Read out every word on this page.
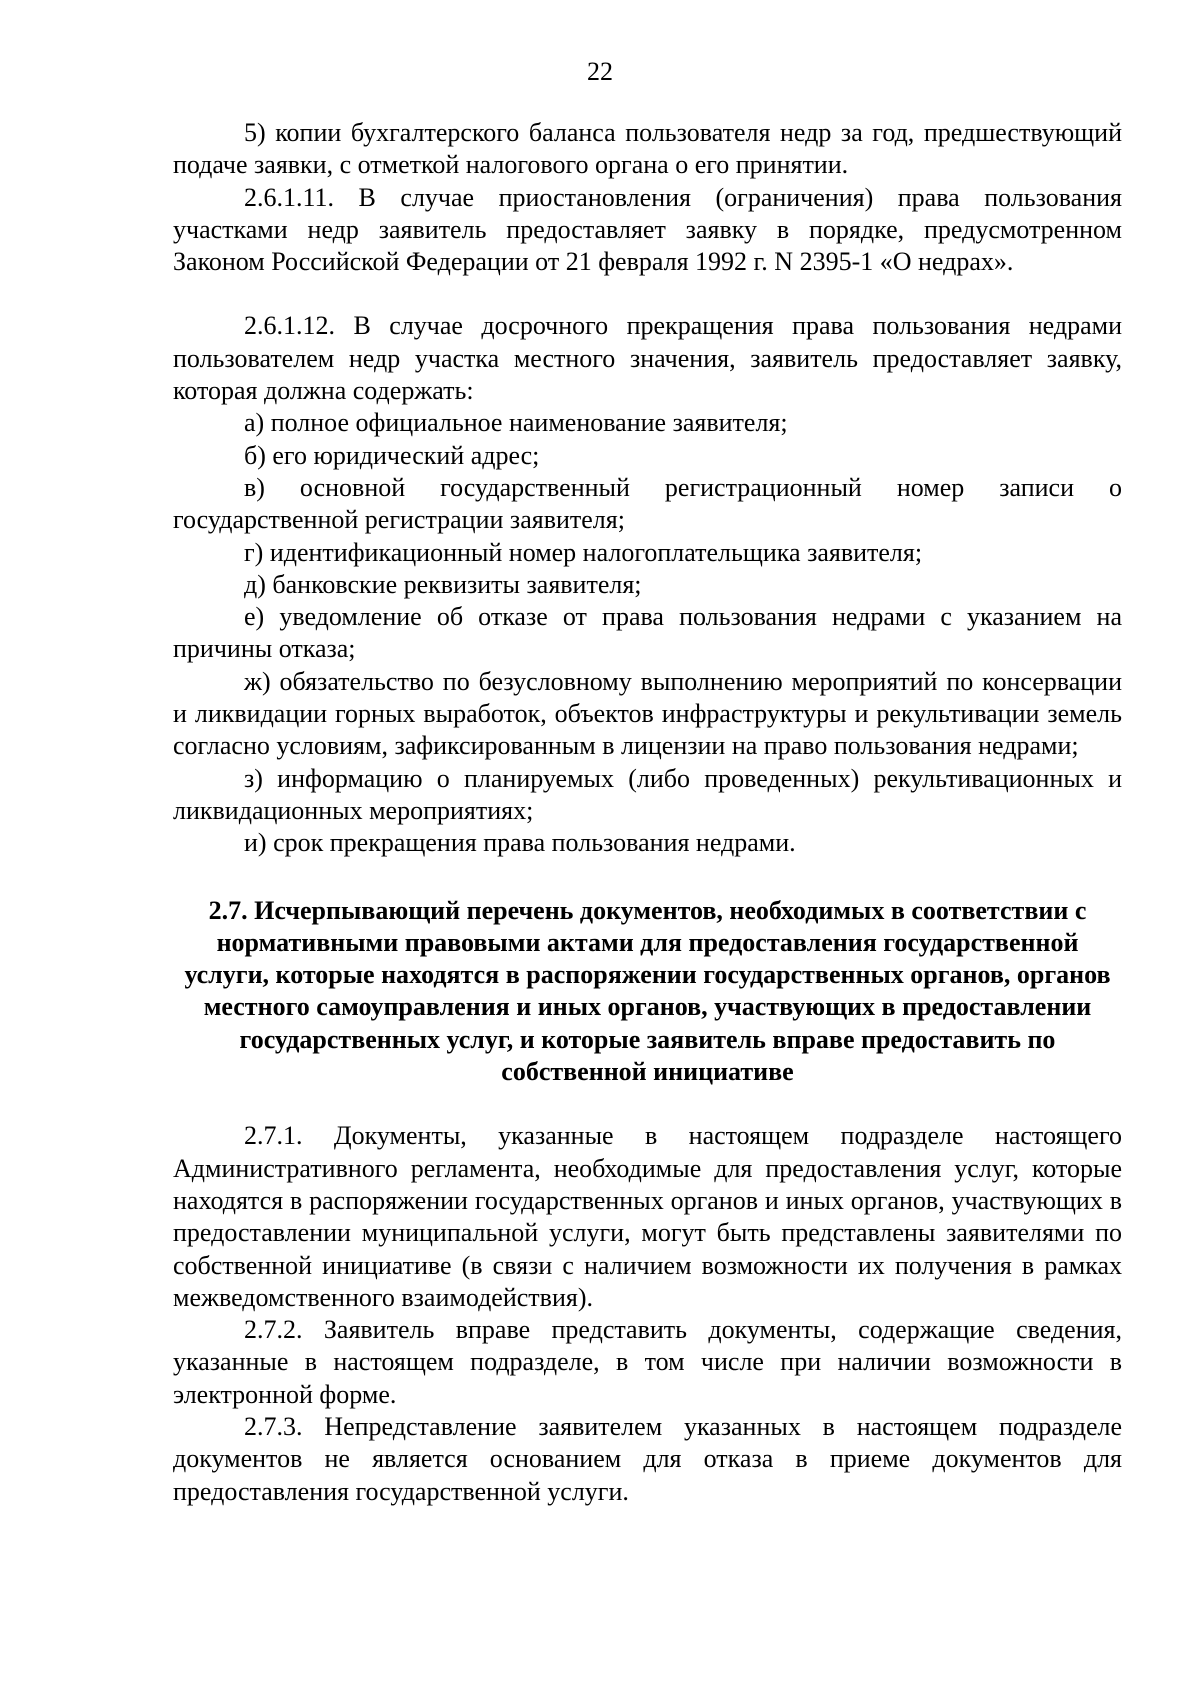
22

5) копии бухгалтерского баланса пользователя недр за год, предшествующий подаче заявки, с отметкой налогового органа о его принятии.

2.6.1.11. В случае приостановления (ограничения) права пользования участками недр заявитель предоставляет заявку в порядке, предусмотренном Законом Российской Федерации от 21 февраля 1992 г. N 2395-1 «О недрах».

2.6.1.12. В случае досрочного прекращения права пользования недрами пользователем недр участка местного значения, заявитель предоставляет заявку, которая должна содержать:

а) полное официальное наименование заявителя;

б) его юридический адрес;

в) основной государственный регистрационный номер записи о государственной регистрации заявителя;

г) идентификационный номер налогоплательщика заявителя;

д) банковские реквизиты заявителя;

е) уведомление об отказе от права пользования недрами с указанием на причины отказа;

ж) обязательство по безусловному выполнению мероприятий по консервации и ликвидации горных выработок, объектов инфраструктуры и рекультивации земель согласно условиям, зафиксированным в лицензии на право пользования недрами;

з) информацию о планируемых (либо проведенных) рекультивационных и ликвидационных мероприятиях;

и) срок прекращения права пользования недрами.

2.7. Исчерпывающий перечень документов, необходимых в соответствии с нормативными правовыми актами для предоставления государственной услуги, которые находятся в распоряжении государственных органов, органов местного самоуправления и иных органов, участвующих в предоставлении государственных услуг, и которые заявитель вправе предоставить по собственной инициативе

2.7.1. Документы, указанные в настоящем подразделе настоящего Административного регламента, необходимые для предоставления услуг, которые находятся в распоряжении государственных органов и иных органов, участвующих в предоставлении муниципальной услуги, могут быть представлены заявителями по собственной инициативе (в связи с наличием возможности их получения в рамках межведомственного взаимодействия).

2.7.2. Заявитель вправе представить документы, содержащие сведения, указанные в настоящем подразделе, в том числе при наличии возможности в электронной форме.

2.7.3. Непредставление заявителем указанных в настоящем подразделе документов не является основанием для отказа в приеме документов для предоставления государственной услуги.
